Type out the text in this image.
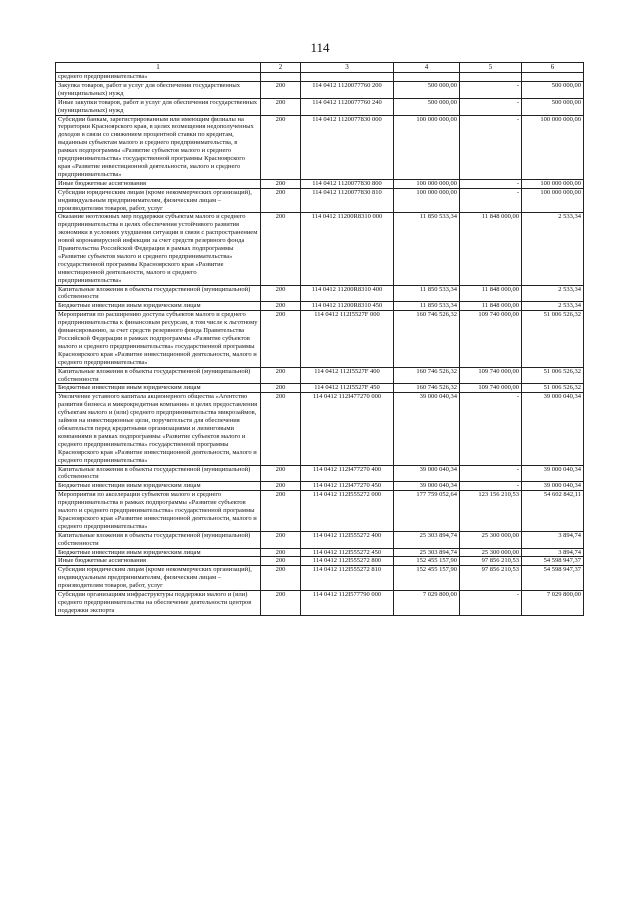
114
1	2	3	4	5	6
среднего предпринимательства»					
Закупка товаров, работ и услуг для обеспечения государственных (муниципальных) нужд	200	114 0412 1120077760 200	500 000,00	-	500 000,00
Иные закупки товаров, работ и услуг для обеспечения государственных (муниципальных) нужд	200	114 0412 1120077760 240	500 000,00	-	500 000,00
Субсидии банкам, зарегистрированным или имеющим филиалы на территории Красноярского края, в целях возмещения недополученных доходов в связи со снижением процентной ставки по кредитам, выданным субъектам малого и среднего предпринимательства, в рамках подпрограммы «Развитие субъектов малого и среднего предпринимательства» государственной программы Красноярского края «Развитие инвестиционной деятельности, малого и среднего предпринимательства»	200	114 0412 1120077830 000	100 000 000,00	-	100 000 000,00
Иные бюджетные ассигнования	200	114 0412 1120077830 800	100 000 000,00	-	100 000 000,00
Субсидии юридическим лицам (кроме некоммерческих организаций), индивидуальным предпринимателям, физическим лицам – производителям товаров, работ, услуг	200	114 0412 1120077830 810	100 000 000,00	-	100 000 000,00
Оказание неотложных мер поддержки субъектам малого и среднего предпринимательства в целях обеспечения устойчивого развития экономики в условиях ухудшения ситуации в связи с распространением новой коронавирусной инфекции за счет средств резервного фонда Правительства Российской Федерации в рамках подпрограммы «Развитие субъектов малого и среднего предпринимательства» государственной программы Красноярского края «Развитие инвестиционной деятельности, малого и среднего предпринимательства»	200	114 0412 11200R8310 000	11 850 533,34	11 848 000,00	2 533,34
Капитальные вложения в объекты государственной (муниципальной) собственности	200	114 0412 11200R8310 400	11 850 533,34	11 848 000,00	2 533,34
Бюджетные инвестиции иным юридическим лицам	200	114 0412 11200R8310 450	11 850 533,34	11 848 000,00	2 533,34
Мероприятия по расширению доступа субъектов малого и среднего предпринимательства к финансовым ресурсам, в том числе к льготному финансированию, за счет средств резервного фонда Правительства Российской Федерации в рамках подпрограммы «Развитие субъектов малого и среднего предпринимательства» государственной программы Красноярского края «Развитие инвестиционной деятельности, малого и среднего предпринимательства»	200	114 0412 112I5527F 000	160 746 526,32	109 740 000,00	51 006 526,32
Капитальные вложения в объекты государственной (муниципальной) собственности	200	114 0412 112I5527F 400	160 746 526,32	109 740 000,00	51 006 526,32
Бюджетные инвестиции иным юридическим лицам	200	114 0412 112I5527F 450	160 746 526,32	109 740 000,00	51 006 526,32
Увеличение уставного капитала акционерного общества «Агентство развития бизнеса и микрокредитная компания» в целях предоставления субъектам малого и (или) среднего предпринимательства микрозаймов, займов на инвестиционные цели, поручительств для обеспечения обязательств перед кредитными организациями и лизинговыми компаниями в рамках подпрограммы «Развитие субъектов малого и среднего предпринимательства» государственной программы Красноярского края «Развитие инвестиционной деятельности, малого и среднего предпринимательства»	200	114 0412 112I477270 000	39 000 040,34	-	39 000 040,34
Капитальные вложения в объекты государственной (муниципальной) собственности	200	114 0412 112I477270 400	39 000 040,34	-	39 000 040,34
Бюджетные инвестиции иным юридическим лицам	200	114 0412 112I477270 450	39 000 040,34	-	39 000 040,34
Мероприятия по акселерации субъектов малого и среднего предпринимательства в рамках подпрограммы «Развитие субъектов малого и среднего предпринимательства» государственной программы Красноярского края «Развитие инвестиционной деятельности, малого и среднего предпринимательства»	200	114 0412 112I555272 000	177 759 052,64	123 156 210,53	54 602 842,11
Капитальные вложения в объекты государственной (муниципальной) собственности	200	114 0412 112I555272 400	25 303 894,74	25 300 000,00	3 894,74
Бюджетные инвестиции иным юридическим лицам	200	114 0412 112I555272 450	25 303 894,74	25 300 000,00	3 894,74
Иные бюджетные ассигнования	200	114 0412 112I555272 800	152 455 157,90	97 856 210,53	54 598 947,37
Субсидии юридическим лицам (кроме некоммерческих организаций), индивидуальным предпринимателям, физическим лицам – производителям товаров, работ, услуг	200	114 0412 112I555272 810	152 455 157,90	97 856 210,53	54 598 947,37
Субсидии организациям инфраструктуры поддержки малого и (или) среднего предпринимательства на обеспечение деятельности центров поддержки экспорта	200	114 0412 112I577790 000	7 029 800,00	-	7 029 800,00
